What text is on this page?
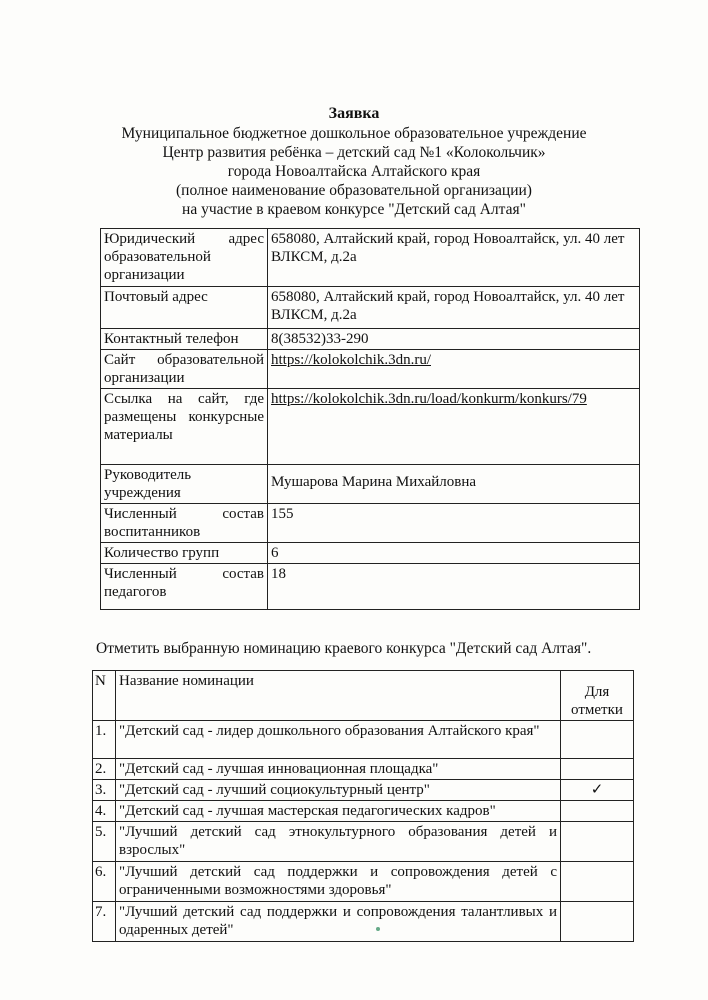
Заявка
Муниципальное бюджетное дошкольное образовательное учреждение
Центр развития ребёнка – детский сад №1 «Колокольчик»
города Новоалтайска Алтайского края
(полное наименование образовательной организации)
на участие в краевом конкурсе "Детский сад Алтая"
Юридический адрес образовательной организации	658080, Алтайский край, город Новоалтайск, ул. 40 лет ВЛКСМ, д.2а
Почтовый адрес	658080, Алтайский край, город Новоалтайск, ул. 40 лет ВЛКСМ, д.2а
Контактный телефон	8(38532)33-290
Сайт образовательной организации	https://kolokolchik.3dn.ru/
Ссылка на сайт, где размещены конкурсные материалы	https://kolokolchik.3dn.ru/load/konkurm/konkurs/79
Руководитель учреждения	Мушарова Марина Михайловна
Численный состав воспитанников	155
Количество групп	6
Численный состав педагогов	18
Отметить выбранную номинацию краевого конкурса "Детский сад Алтая".
N	Название номинации	Для отметки
1.	"Детский сад - лидер дошкольного образования Алтайского края"	
2.	"Детский сад - лучшая инновационная площадка"	
3.	"Детский сад - лучший социокультурный центр"	✓
4.	"Детский сад - лучшая мастерская педагогических кадров"	
5.	"Лучший детский сад этнокультурного образования детей и взрослых"	
6.	"Лучший детский сад поддержки и сопровождения детей с ограниченными возможностями здоровья"	
7.	"Лучший детский сад поддержки и сопровождения талантливых и одаренных детей"	
